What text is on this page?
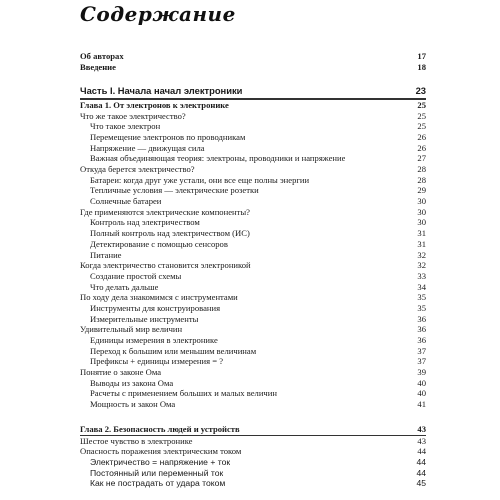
Содержание
Об авторах	17
Введение	18
Часть I. Начала начал электроники	23
Глава 1. От электронов к электронике	25
Что же такое электричество?	25
Что такое электрон	25
Перемещение электронов по проводникам	26
Напряжение — движущая сила	26
Важная объединяющая теория: электроны, проводники и напряжение	27
Откуда берется электричество?	28
Батареи: когда друг уже устали, они все еще полны энергии	28
Тепличные условия — электрические розетки	29
Солнечные батареи	30
Где применяются электрические компоненты?	30
Контроль над электричеством	30
Полный контроль над электричеством (ИС)	31
Детектирование с помощью сенсоров	31
Питание	32
Когда электричество становится электроникой	32
Создание простой схемы	33
Что делать дальше	34
По ходу дела знакомимся с инструментами	35
Инструменты для конструирования	35
Измерительные инструменты	36
Удивительный мир величин	36
Единицы измерения в электронике	36
Переход к большим или меньшим величинам	37
Префиксы + единицы измерения = ?	37
Понятие о законе Ома	39
Выводы из закона Ома	40
Расчеты с применением больших и малых величин	40
Мощность и закон Ома	41
Глава 2. Безопасность людей и устройств	43
Шестое чувство в электронике	43
Опасность поражения электрическим током	44
Электричество = напряжение + ток	44
Постоянный или переменный ток	44
Как не пострадать от удара током	45
